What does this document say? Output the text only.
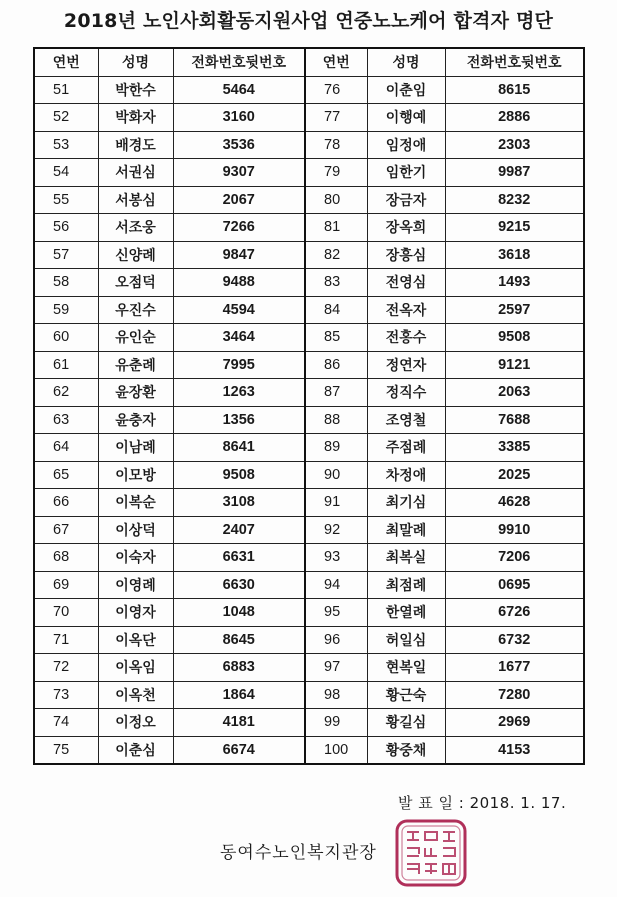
2018년 노인사회활동지원사업 연중노노케어 합격자 명단
연번	성명	전화번호뒷번호	연번	성명	전화번호뒷번호
51	박한수	5464	76	이춘임	8615
52	박화자	3160	77	이행예	2886
53	배경도	3536	78	임정애	2303
54	서권심	9307	79	임한기	9987
55	서봉심	2067	80	장금자	8232
56	서조웅	7266	81	장옥희	9215
57	신양례	9847	82	장흥심	3618
58	오점덕	9488	83	전영심	1493
59	우진수	4594	84	전옥자	2597
60	유인순	3464	85	전홍수	9508
61	유춘례	7995	86	정연자	9121
62	윤장환	1263	87	정직수	2063
63	윤충자	1356	88	조영철	7688
64	이남례	8641	89	주점례	3385
65	이모방	9508	90	차정애	2025
66	이복순	3108	91	최기심	4628
67	이상덕	2407	92	최말례	9910
68	이숙자	6631	93	최복실	7206
69	이영례	6630	94	최점례	0695
70	이영자	1048	95	한열례	6726
71	이옥단	8645	96	허일심	6732
72	이옥임	6883	97	현복일	1677
73	이옥천	1864	98	황근숙	7280
74	이정오	4181	99	황길심	2969
75	이춘심	6674	100	황중채	4153
발 표 일 : 2018. 1. 17.
동여수노인복지관장
